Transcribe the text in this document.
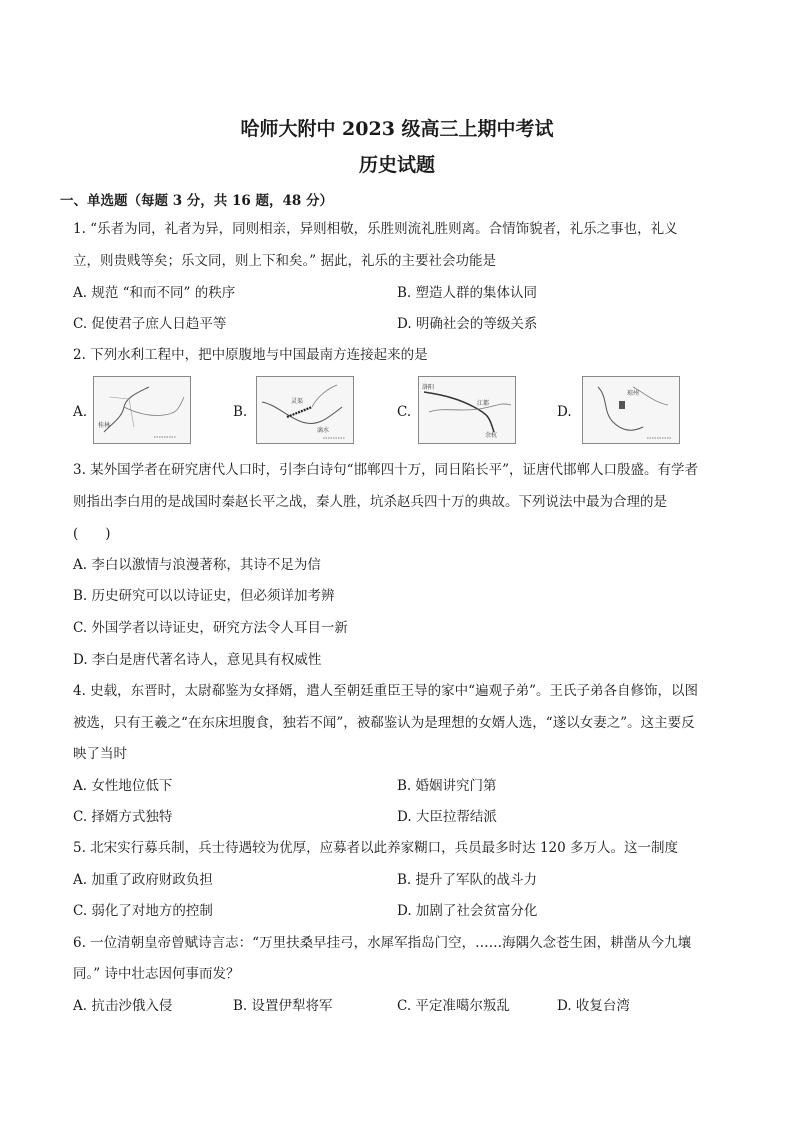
哈师大附中 2023 级高三上期中考试
历史试题
一、单选题（每题 3 分，共 16 题，48 分）
1. “乐者为同，礼者为异，同则相亲，异则相敬，乐胜则流礼胜则离。合情饰貌者，礼乐之事也，礼义
立，则贵贱等矣；乐文同，则上下和矣。” 据此，礼乐的主要社会功能是
A. 规范 “和而不同” 的秩序	B. 塑造人群的集体认同
C. 促使君子庶人日趋平等	D. 明确社会的等级关系
2. 下列水利工程中，把中原腹地与中国最南方连接起来的是
A.
桂林
B.
灵渠
漓水
C.
洛阳
江都
余杭
D.
琼州
3. 某外国学者在研究唐代人口时，引李白诗句“邯郸四十万，同日陷长平”，证唐代邯郸人口殷盛。有学者
则指出李白用的是战国时秦赵长平之战，秦人胜，坑杀赵兵四十万的典故。下列说法中最为合理的是
(　　)
A. 李白以激情与浪漫著称，其诗不足为信
B. 历史研究可以以诗证史，但必须详加考辨
C. 外国学者以诗证史，研究方法令人耳目一新
D. 李白是唐代著名诗人，意见具有权威性
4. 史载，东晋时，太尉郗鉴为女择婿，遣人至朝廷重臣王导的家中“遍观子弟”。王氏子弟各自修饰，以图
被选，只有王羲之“在东床坦腹食，独若不闻”，被郗鉴认为是理想的女婿人选，“遂以女妻之”。这主要反
映了当时
A. 女性地位低下	B. 婚姻讲究门第
C. 择婿方式独特	D. 大臣拉帮结派
5. 北宋实行募兵制，兵士待遇较为优厚，应募者以此养家糊口，兵员最多时达 120 多万人。这一制度
A. 加重了政府财政负担	B. 提升了军队的战斗力
C. 弱化了对地方的控制	D. 加剧了社会贫富分化
6. 一位清朝皇帝曾赋诗言志：“万里扶桑早挂弓，水犀军指岛门空，……海隅久念苍生困，耕凿从今九壤
同。” 诗中壮志因何事而发？
A. 抗击沙俄入侵	B. 设置伊犁将军	C. 平定准噶尔叛乱	D. 收复台湾
